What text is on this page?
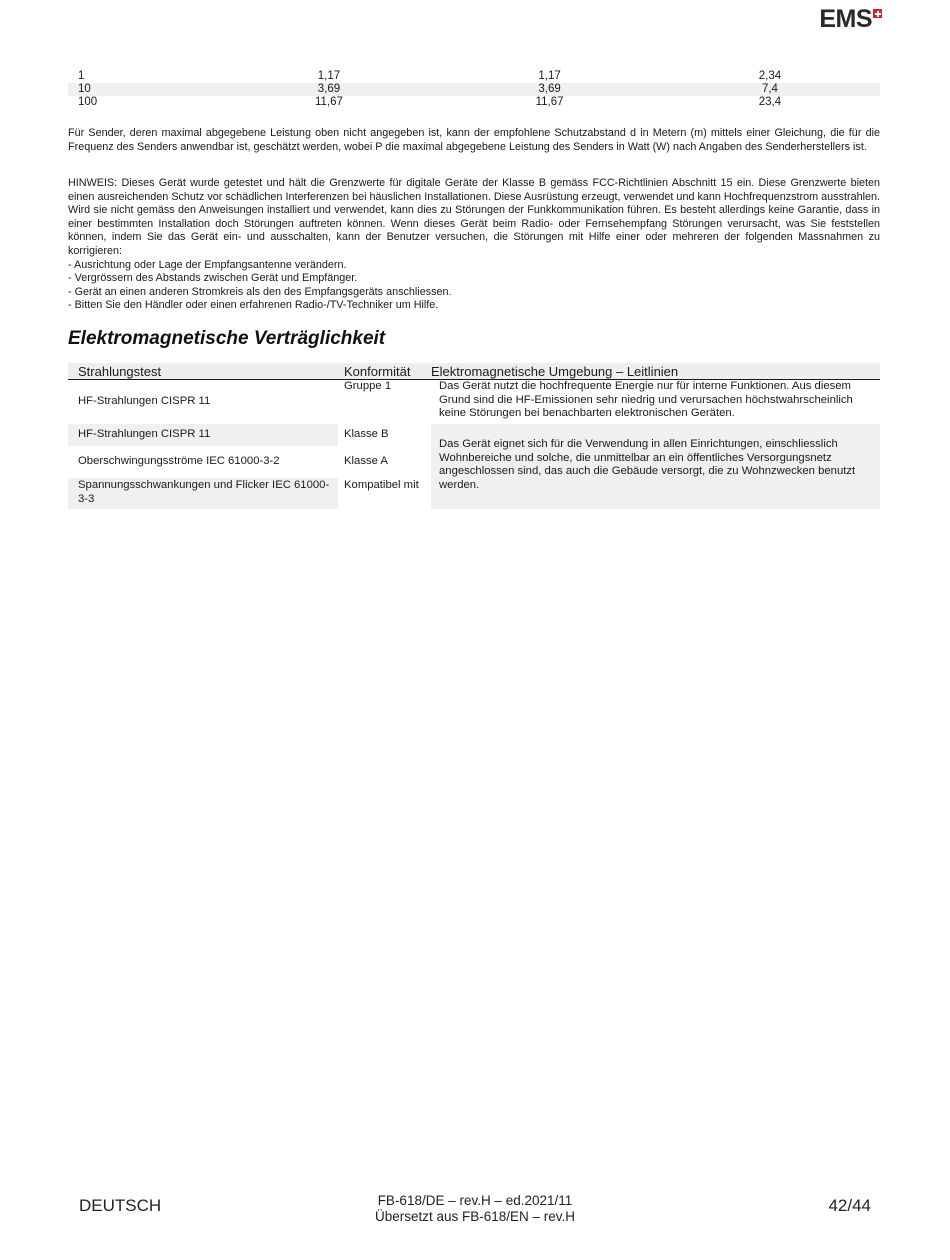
EMS
1	1,17	1,17	2,34
10	3,69	3,69	7,4
100	11,67	11,67	23,4

Für Sender, deren maximal abgegebene Leistung oben nicht angegeben ist, kann der empfohlene Schutzabstand d in Metern (m) mittels einer Gleichung, die für die Frequenz des Senders anwendbar ist, geschätzt werden, wobei P die maximal abgegebene Leistung des Senders in Watt (W) nach Angaben des Senderherstellers ist.

HINWEIS: Dieses Gerät wurde getestet und hält die Grenzwerte für digitale Geräte der Klasse B gemäss FCC-Richtlinien Abschnitt 15 ein. Diese Grenzwerte bieten einen ausreichenden Schutz vor schädlichen Interferenzen bei häuslichen Installationen. Diese Ausrüstung erzeugt, verwendet und kann Hochfrequenzstrom ausstrahlen. Wird sie nicht gemäss den Anweisungen installiert und verwendet, kann dies zu Störungen der Funkkommunikation führen. Es besteht allerdings keine Garantie, dass in einer bestimmten Installation doch Störungen auftreten können. Wenn dieses Gerät beim Radio- oder Fernsehempfang Störungen verursacht, was Sie feststellen können, indem Sie das Gerät ein- und ausschalten, kann der Benutzer versuchen, die Störungen mit Hilfe einer oder mehreren der folgenden Massnahmen zu korrigieren:

- Ausrichtung oder Lage der Empfangsantenne verändern.

- Vergrössern des Abstands zwischen Gerät und Empfänger.

- Gerät an einen anderen Stromkreis als den des Empfangsgeräts anschliessen.

- Bitten Sie den Händler oder einen erfahrenen Radio-/TV-Techniker um Hilfe.

Elektromagnetische Verträglichkeit
Strahlungstest	Konformität	Elektromagnetische Umgebung – Leitlinien	
HF-Strahlungen CISPR 11	Gruppe 1		Das Gerät nutzt die hochfrequente Energie nur für interne Funktionen. Aus diesem Grund sind die HF-Emissionen sehr niedrig und verursachen höchstwahrscheinlich keine Störungen bei benachbarten elektronischen Geräten.
HF-Strahlungen CISPR 11	Klasse B		Das Gerät eignet sich für die Verwendung in allen Einrichtungen, einschliesslich Wohnbereiche und solche, die unmittelbar an ein öffentliches Versorgungsnetz angeschlossen sind, das auch die Gebäude versorgt, die zu Wohnzwecken benutzt werden.
Oberschwingungsströme IEC 61000-3-2	Klasse A		
Spannungsschwankungen und Flicker IEC 61000-3-3	Kompatibel mit		
DEUTSCH	FB-618/DE – rev.H – ed.2021/11
Übersetzt aus FB-618/EN – rev.H
42/44
